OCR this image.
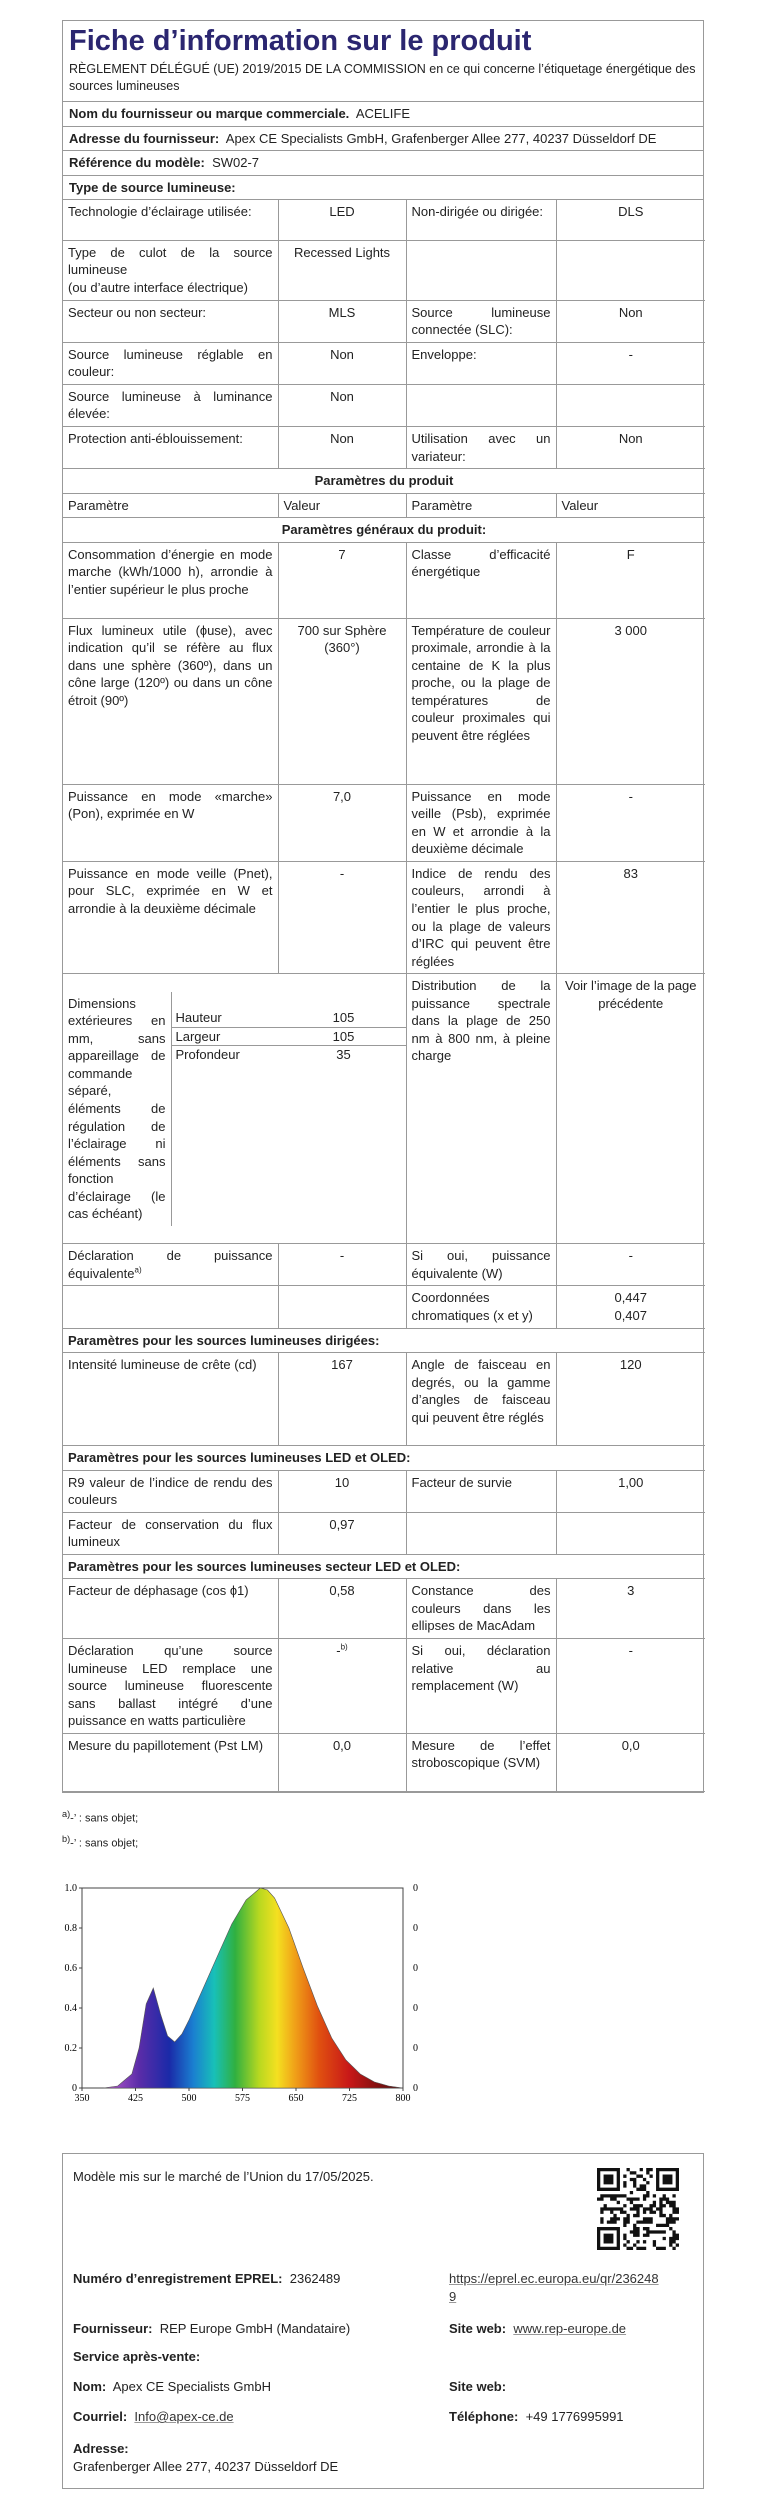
Fiche d’information sur le produit
RÈGLEMENT DÉLÉGUÉ (UE) 2019/2015 DE LA COMMISSION en ce qui concerne l’étiquetage énergétique des sources lumineuses
Nom du fournisseur ou marque commerciale. ACELIFE
Adresse du fournisseur: Apex CE Specialists GmbH, Grafenberger Allee 277, 40237 Düsseldorf DE
Référence du modèle: SW02-7
Type de source lumineuse:
Technologie d’éclairage utilisée:	LED	Non-dirigée ou dirigée:	DLS
Type de culot de la source lumineuse
(ou d’autre interface électrique)	Recessed Lights		
Secteur ou non secteur:	MLS	Source lumineuse connectée (SLC):	Non
Source lumineuse réglable en couleur:	Non	Enveloppe:	-
Source lumineuse à luminance élevée:	Non		
Protection anti-éblouissement:	Non	Utilisation avec un variateur:	Non
Paramètres du produit
Paramètre	Valeur	Paramètre	Valeur
Paramètres généraux du produit:
Consommation d’énergie en mode marche (kWh/1000 h), arrondie à l’entier supérieur le plus proche	7	Classe d’efficacité énergétique	F
Flux lumineux utile (ɸuse), avec indication qu’il se réfère au flux dans une sphère (360º), dans un cône large (120º) ou dans un cône étroit (90º)	700 sur Sphère (360°)	Température de couleur proximale, arrondie à la centaine de K la plus proche, ou la plage de températures de couleur proximales qui peuvent être réglées	3 000
Puissance en mode «marche» (Pon), exprimée en W	7,0	Puissance en mode veille (Psb), exprimée en W et arrondie à la deuxième décimale	-
Puissance en mode veille (Pnet), pour SLC, exprimée en W et arrondie à la deuxième décimale	-	Indice de rendu des couleurs, arrondi à l’entier le plus proche, ou la plage de valeurs d’IRC qui peuvent être réglées	83

Dimensions extérieures en mm, sans appareillage de commande séparé, éléments de régulation de l’éclairage ni éléments sans fonction d’éclairage (le cas échéant)	

Hauteur	105
Largeur	105
Profondeur	35

	Distribution de la puissance spectrale dans la plage de 250 nm à 800 nm, à pleine charge	Voir l’image de la page précédente
Déclaration de puissance équivalente$^{a)}$	-	Si oui, puissance équivalente (W)	-
		Coordonnées chromatiques (x et y)	0,447
0,407
Paramètres pour les sources lumineuses dirigées:
Intensité lumineuse de crête (cd)	167	Angle de faisceau en degrés, ou la gamme d’angles de faisceau qui peuvent être réglés	120
Paramètres pour les sources lumineuses LED et OLED:
R9 valeur de l’indice de rendu des couleurs	10	Facteur de survie	1,00
Facteur de conservation du flux lumineux	0,97		
Paramètres pour les sources lumineuses secteur LED et OLED:
Facteur de déphasage (cos ɸ1)	0,58	Constance des couleurs dans les ellipses de MacAdam	3
Déclaration qu’une source lumineuse LED remplace une source lumineuse fluorescente sans ballast intégré d’une puissance en watts particulière	-$^{b)}$	Si oui, déclaration relative au remplacement (W)	-
Mesure du papillotement (Pst LM)	0,0	Mesure de l’effet stroboscopique (SVM)	0,0
$^{a)}$-’ : sans objet;
$^{b)}$-’ : sans objet;
350	425	500	575	650	725	800
0	0
0.2	0
0.4	0
0.6	0
0.8	0
1.0	0
Modèle mis sur le marché de l’Union du 17/05/2025.
Numéro d’enregistrement EPREL: 2362489	https://eprel.ec.europa.eu/qr/2362489
Fournisseur: REP Europe GmbH (Mandataire)	Site web: www.rep-europe.de
Service après-vente:
Nom: Apex CE Specialists GmbH	Site web:
Courriel: Info@apex-ce.de	Téléphone: +49 1776995991
Adresse:
Grafenberger Allee 277, 40237 Düsseldorf DE
